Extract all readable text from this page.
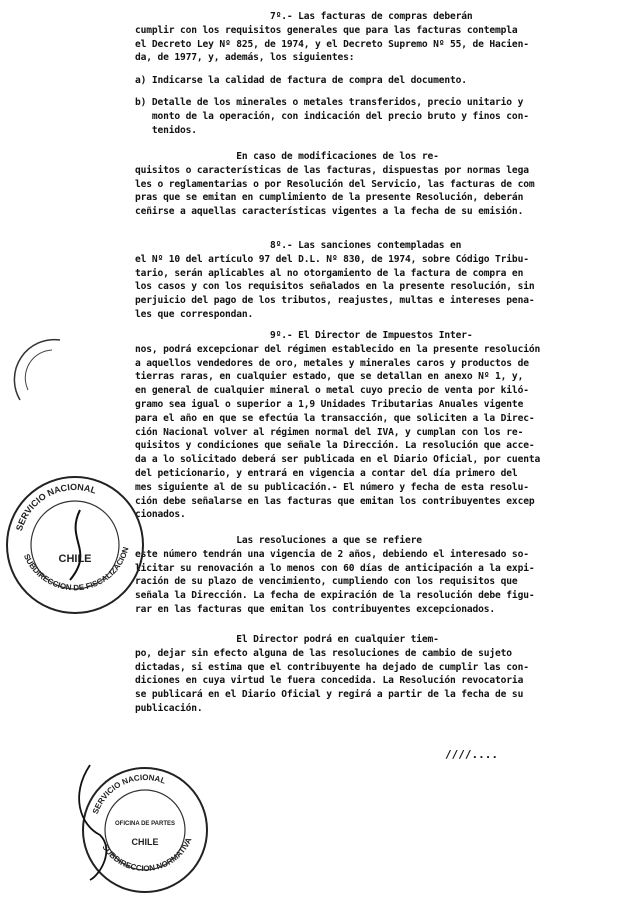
7º.- Las facturas de compras deberán
cumplir con los requisitos generales que para las facturas contempla
el Decreto Ley Nº 825, de 1974, y el Decreto Supremo Nº 55, de Hacien-
da, de 1977, y, además, los siguientes:
a) Indicarse la calidad de factura de compra del documento.
b) Detalle de los minerales o metales transferidos, precio unitario y
monto de la operación, con indicación del precio bruto y finos con-
tenidos.
En caso de modificaciones de los re-
quisitos o características de las facturas, dispuestas por normas lega
les o reglamentarias o por Resolución del Servicio, las facturas de com
pras que se emitan en cumplimiento de la presente Resolución, deberán
ceñirse a aquellas características vigentes a la fecha de su emisión.
8º.- Las sanciones contempladas en
el Nº 10 del artículo 97 del D.L. Nº 830, de 1974, sobre Código Tribu-
tario, serán aplicables al no otorgamiento de la factura de compra en
los casos y con los requisitos señalados en la presente resolución, sin
perjuicio del pago de los tributos, reajustes, multas e intereses pena-
les que correspondan.
9º.- El Director de Impuestos Inter-
nos, podrá excepcionar del régimen establecido en la presente resolución
a aquellos vendedores de oro, metales y minerales caros y productos de
tierras raras, en cualquier estado, que se detallan en anexo Nº 1, y,
en general de cualquier mineral o metal cuyo precio de venta por kiló-
gramo sea igual o superior a 1,9 Unidades Tributarias Anuales vigente
para el año en que se efectúa la transacción, que soliciten a la Direc-
ción Nacional volver al régimen normal del IVA, y cumplan con los re-
quisitos y condiciones que señale la Dirección. La resolución que acce-
da a lo solicitado deberá ser publicada en el Diario Oficial, por cuenta
del peticionario, y entrará en vigencia a contar del día primero del
mes siguiente al de su publicación.- El número y fecha de esta resolu-
ción debe señalarse en las facturas que emitan los contribuyentes excep
cionados.
Las resoluciones a que se refiere
este número tendrán una vigencia de 2 años, debiendo el interesado so-
licitar su renovación a lo menos con 60 días de anticipación a la expi-
ración de su plazo de vencimiento, cumpliendo con los requisitos que
señala la Dirección. La fecha de expiración de la resolución debe figu-
rar en las facturas que emitan los contribuyentes excepcionados.
El Director podrá en cualquier tiem-
po, dejar sin efecto alguna de las resoluciones de cambio de sujeto
dictadas, si estima que el contribuyente ha dejado de cumplir las con-
diciones en cuya virtud le fuera concedida. La Resolución revocatoria
se publicará en el Diario Oficial y regirá a partir de la fecha de su
publicación.
////....
SERVICIO NACIONAL
SUBDIRECCION DE FISCALIZACION
CHILE
SERVICIO NACIONAL
SUBDIRECCION NORMATIVA
OFICINA DE PARTES
CHILE
